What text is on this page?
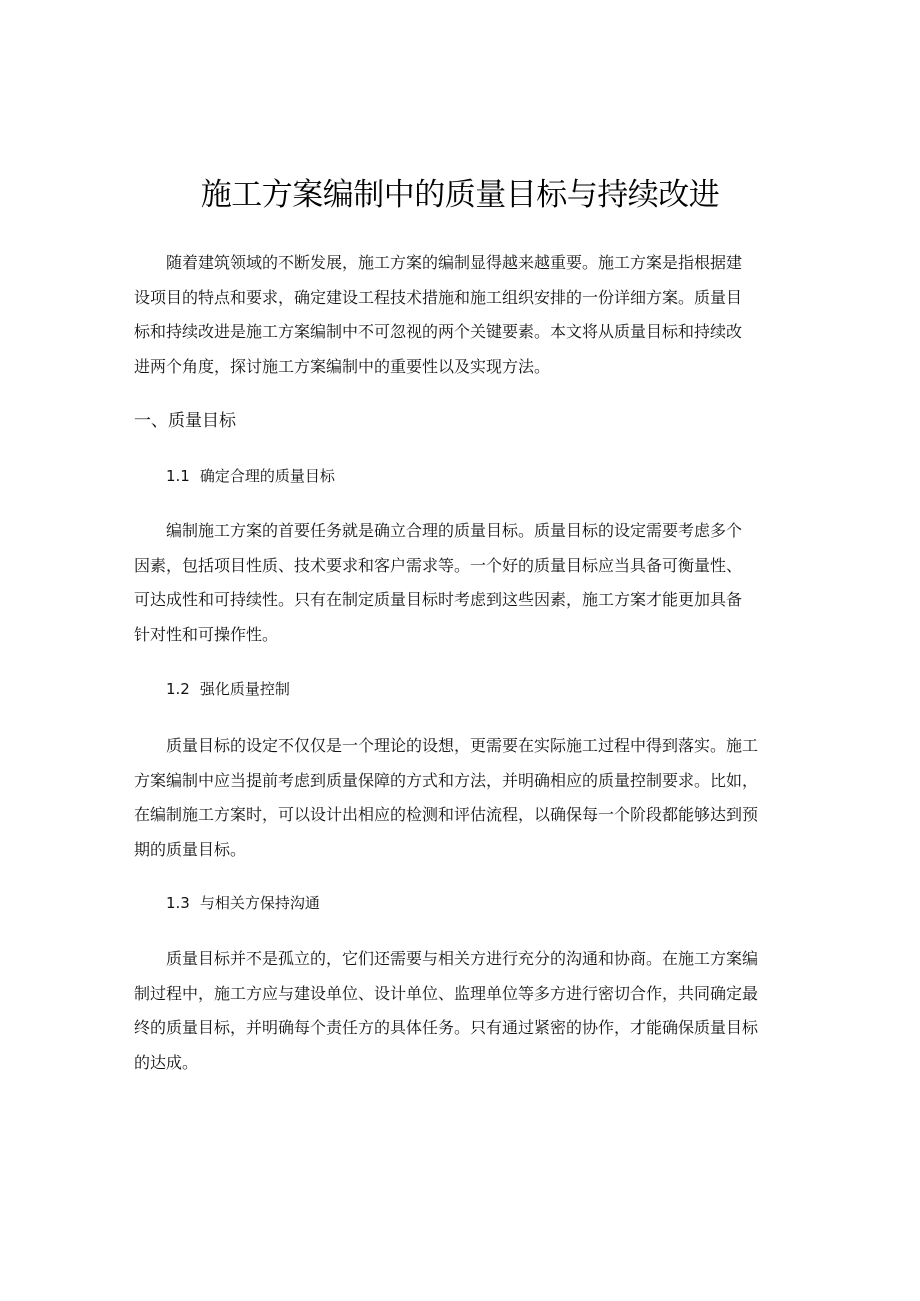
施工方案编制中的质量目标与持续改进
随着建筑领域的不断发展，施工方案的编制显得越来越重要。施工方案是指根据建
设项目的特点和要求，确定建设工程技术措施和施工组织安排的一份详细方案。质量目
标和持续改进是施工方案编制中不可忽视的两个关键要素。本文将从质量目标和持续改
进两个角度，探讨施工方案编制中的重要性以及实现方法。
一、质量目标
1.1 确定合理的质量目标
编制施工方案的首要任务就是确立合理的质量目标。质量目标的设定需要考虑多个
因素，包括项目性质、技术要求和客户需求等。一个好的质量目标应当具备可衡量性、
可达成性和可持续性。只有在制定质量目标时考虑到这些因素，施工方案才能更加具备
针对性和可操作性。
1.2 强化质量控制
质量目标的设定不仅仅是一个理论的设想，更需要在实际施工过程中得到落实。施工
方案编制中应当提前考虑到质量保障的方式和方法，并明确相应的质量控制要求。比如，
在编制施工方案时，可以设计出相应的检测和评估流程，以确保每一个阶段都能够达到预
期的质量目标。
1.3 与相关方保持沟通
质量目标并不是孤立的，它们还需要与相关方进行充分的沟通和协商。在施工方案编
制过程中，施工方应与建设单位、设计单位、监理单位等多方进行密切合作，共同确定最
终的质量目标，并明确每个责任方的具体任务。只有通过紧密的协作，才能确保质量目标
的达成。
